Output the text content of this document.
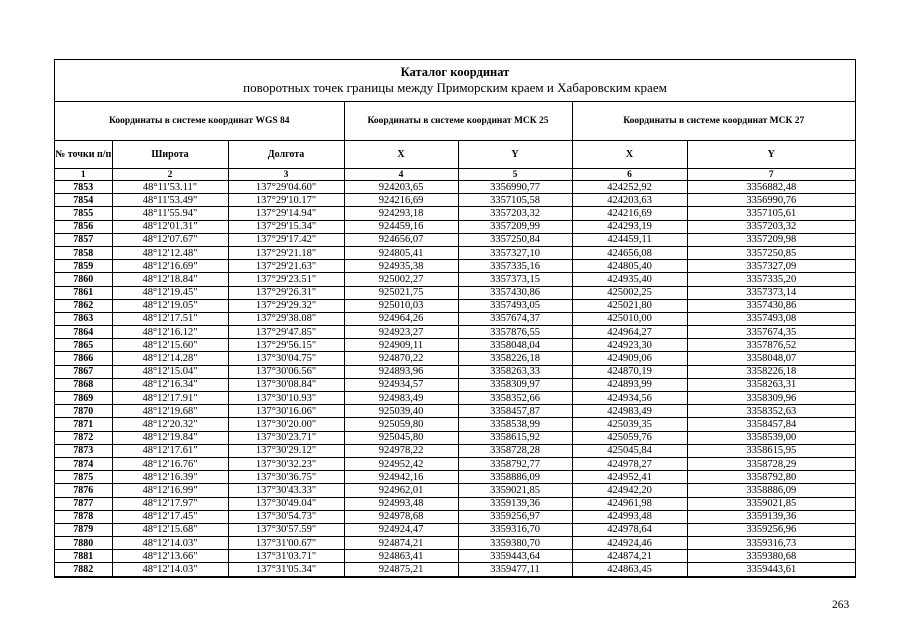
Каталог координат
поворотных точек границы между Приморским краем и Хабаровским краем
Координаты в системе координат WGS 84			Координаты в системе координат МСК 25		Координаты в системе координат МСК 27	
№ точки п/п	Широта	Долгота	X	Y	X	Y
1	2	3	4	5	6	7
7853	48°11'53.11"	137°29'04.60"	924203,65	3356990,77	424252,92	3356882,48
7854	48°11'53.49"	137°29'10.17"	924216,69	3357105,58	424203,63	3356990,76
7855	48°11'55.94"	137°29'14.94"	924293,18	3357203,32	424216,69	3357105,61
7856	48°12'01.31"	137°29'15.34"	924459,16	3357209,99	424293,19	3357203,32
7857	48°12'07.67"	137°29'17.42"	924656,07	3357250,84	424459,11	3357209,98
7858	48°12'12.48"	137°29'21.18"	924805,41	3357327,10	424656,08	3357250,85
7859	48°12'16.69"	137°29'21.63"	924935,38	3357335,16	424805,40	3357327,09
7860	48°12'18.84"	137°29'23.51"	925002,27	3357373,15	424935,40	3357335,20
7861	48°12'19.45"	137°29'26.31"	925021,75	3357430,86	425002,25	3357373,14
7862	48°12'19.05"	137°29'29.32"	925010,03	3357493,05	425021,80	3357430,86
7863	48°12'17.51"	137°29'38.08"	924964,26	3357674,37	425010,00	3357493,08
7864	48°12'16.12"	137°29'47.85"	924923,27	3357876,55	424964,27	3357674,35
7865	48°12'15.60"	137°29'56.15"	924909,11	3358048,04	424923,30	3357876,52
7866	48°12'14.28"	137°30'04.75"	924870,22	3358226,18	424909,06	3358048,07
7867	48°12'15.04"	137°30'06.56"	924893,96	3358263,33	424870,19	3358226,18
7868	48°12'16.34"	137°30'08.84"	924934,57	3358309,97	424893,99	3358263,31
7869	48°12'17.91"	137°30'10.93"	924983,49	3358352,66	424934,56	3358309,96
7870	48°12'19.68"	137°30'16.06"	925039,40	3358457,87	424983,49	3358352,63
7871	48°12'20.32"	137°30'20.00"	925059,80	3358538,99	425039,35	3358457,84
7872	48°12'19.84"	137°30'23.71"	925045,80	3358615,92	425059,76	3358539,00
7873	48°12'17.61"	137°30'29.12"	924978,22	3358728,28	425045,84	3358615,95
7874	48°12'16.76"	137°30'32.23"	924952,42	3358792,77	424978,27	3358728,29
7875	48°12'16.39"	137°30'36.75"	924942,16	3358886,09	424952,41	3358792,80
7876	48°12'16.99"	137°30'43.33"	924962,01	3359021,85	424942,20	3358886,09
7877	48°12'17.97"	137°30'49.04"	924993,48	3359139,36	424961,98	3359021,85
7878	48°12'17.45"	137°30'54.73"	924978,68	3359256,97	424993,48	3359139,36
7879	48°12'15.68"	137°30'57.59"	924924,47	3359316,70	424978,64	3359256,96
7880	48°12'14.03"	137°31'00.67"	924874,21	3359380,70	424924,46	3359316,73
7881	48°12'13.66"	137°31'03.71"	924863,41	3359443,64	424874,21	3359380,68
7882	48°12'14.03"	137°31'05.34"	924875,21	3359477,11	424863,45	3359443,61
263
